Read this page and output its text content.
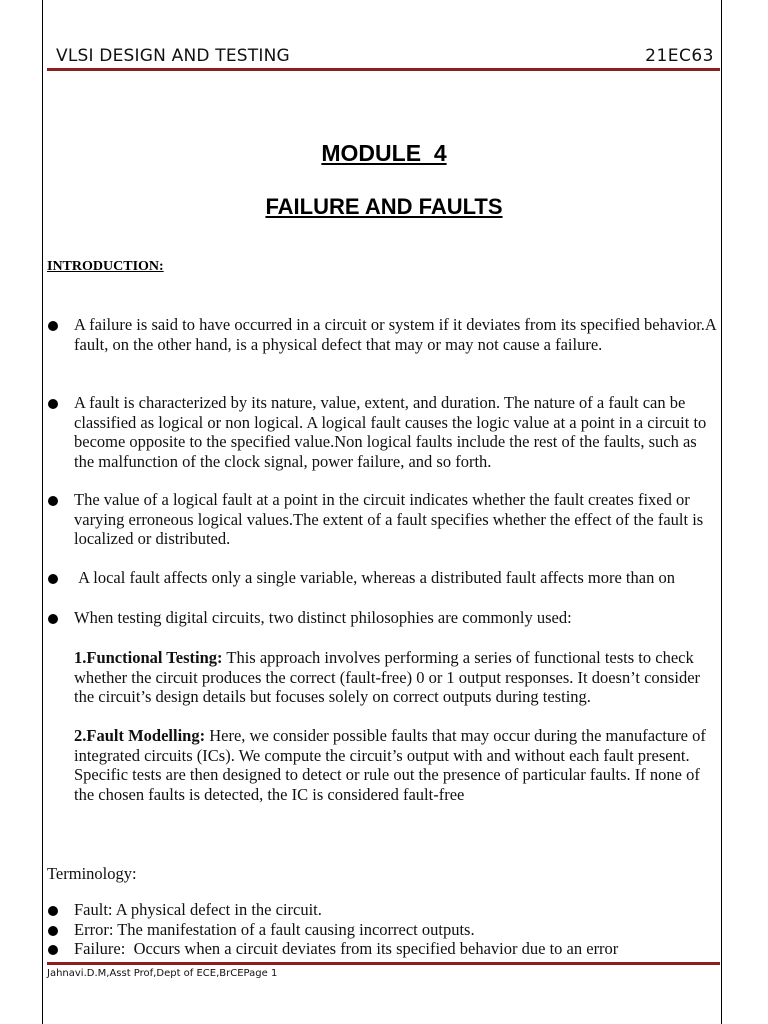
VLSI DESIGN AND TESTING	21EC63
MODULE  4
FAILURE AND FAULTS
INTRODUCTION:
A failure is said to have occurred in a circuit or system if it deviates from its specified behavior.A fault, on the other hand, is a physical defect that may or may not cause a failure.
A fault is characterized by its nature, value, extent, and duration. The nature of a fault can be classified as logical or non logical. A logical fault causes the logic value at a point in a circuit to become opposite to the specified value.Non logical faults include the rest of the faults, such as the malfunction of the clock signal, power failure, and so forth.
The value of a logical fault at a point in the circuit indicates whether the fault creates fixed or varying erroneous logical values.The extent of a fault specifies whether the effect of the fault is localized or distributed.
A local fault affects only a single variable, whereas a distributed fault affects more than on
When testing digital circuits, two distinct philosophies are commonly used:
1.Functional Testing: This approach involves performing a series of functional tests to check whether the circuit produces the correct (fault-free) 0 or 1 output responses. It doesn’t consider the circuit’s design details but focuses solely on correct outputs during testing.
2.Fault Modelling: Here, we consider possible faults that may occur during the manufacture of integrated circuits (ICs). We compute the circuit’s output with and without each fault present. Specific tests are then designed to detect or rule out the presence of particular faults. If none of the chosen faults is detected, the IC is considered fault-free
Terminology:
Fault: A physical defect in the circuit.
Error: The manifestation of a fault causing incorrect outputs.
Failure:  Occurs when a circuit deviates from its specified behavior due to an error
Jahnavi.D.M,Asst Prof,Dept of ECE,BrCEPage 1
